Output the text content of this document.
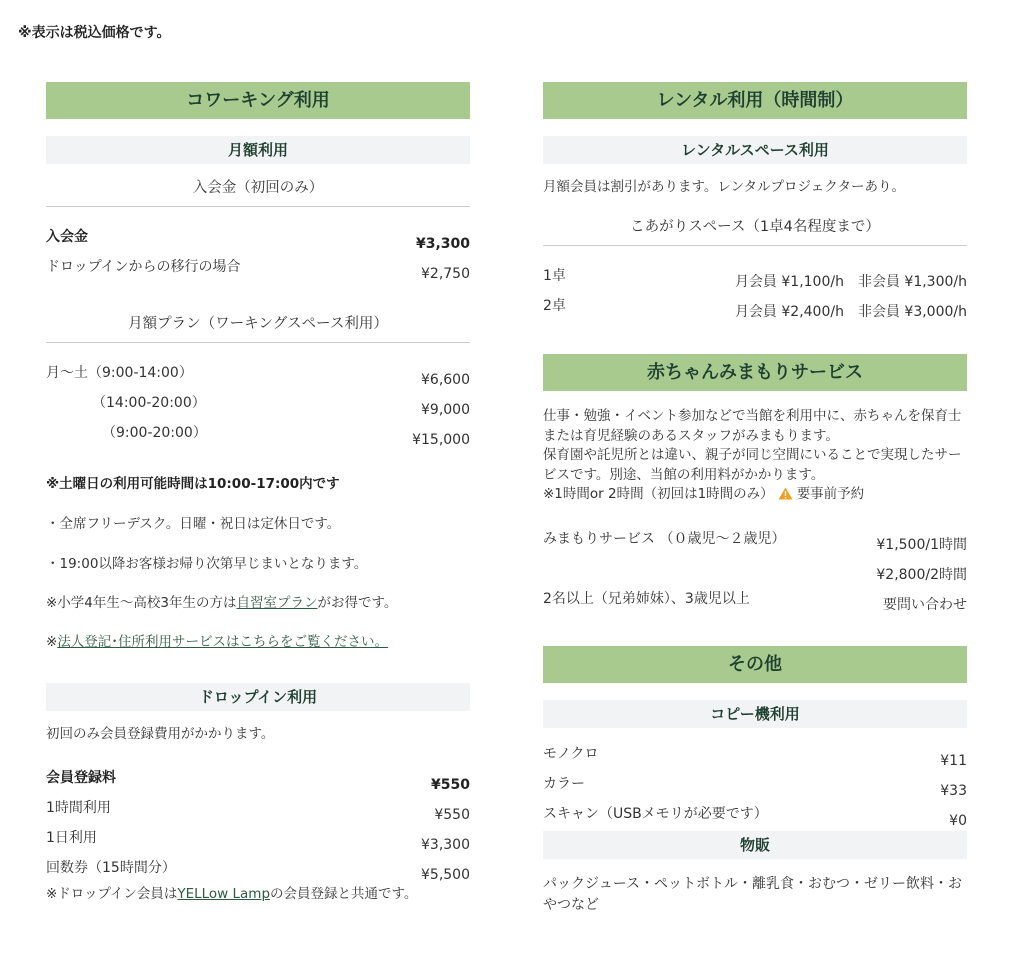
※表示は税込価格です。
コワーキング利用
月額利用
入会金（初回のみ）
入会金	¥3,300
ドロップインからの移行の場合	¥2,750
月額プラン（ワーキングスペース利用）
月〜土（9:00-14:00）	¥6,600
（14:00-20:00）	¥9,000
（9:00-20:00）	¥15,000
※土曜日の利用可能時間は10:00-17:00内です
・全席フリーデスク。日曜・祝日は定休日です。
・19:00以降お客様お帰り次第早じまいとなります。
※小学4年生〜高校3年生の方は自習室プランがお得です。
※法人登記･住所利用サービスはこちらをご覧ください。
ドロップイン利用
初回のみ会員登録費用がかかります。
会員登録料	¥550
1時間利用	¥550
1日利用	¥3,300
回数券（15時間分）	¥5,500
※ドロップイン会員はYELLow Lampの会員登録と共通です。
レンタル利用（時間制）
レンタルスペース利用
月額会員は割引があります。レンタルプロジェクターあり。
こあがりスペース（1卓4名程度まで）
1卓	月会員 ¥1,100/h　非会員 ¥1,300/h
2卓	月会員 ¥2,400/h　非会員 ¥3,000/h
赤ちゃんみまもりサービス
仕事・勉強・イベント参加などで当館を利用中に、赤ちゃんを保育士または育児経験のあるスタッフがみまもります。
保育園や託児所とは違い、親子が同じ空間にいることで実現したサービスです。別途、当館の利用料がかかります。
※1時間or 2時間（初回は1時間のみ） 要事前予約
みまもりサービス （０歳児〜２歳児）	¥1,500/1時間
¥2,800/2時間
2名以上（兄弟姉妹）、3歳児以上	要問い合わせ
その他
コピー機利用
モノクロ	¥11
カラー	¥33
スキャン（USBメモリが必要です）	¥0
物販
パックジュース・ペットボトル・離乳食・おむつ・ゼリー飲料・おやつなど
